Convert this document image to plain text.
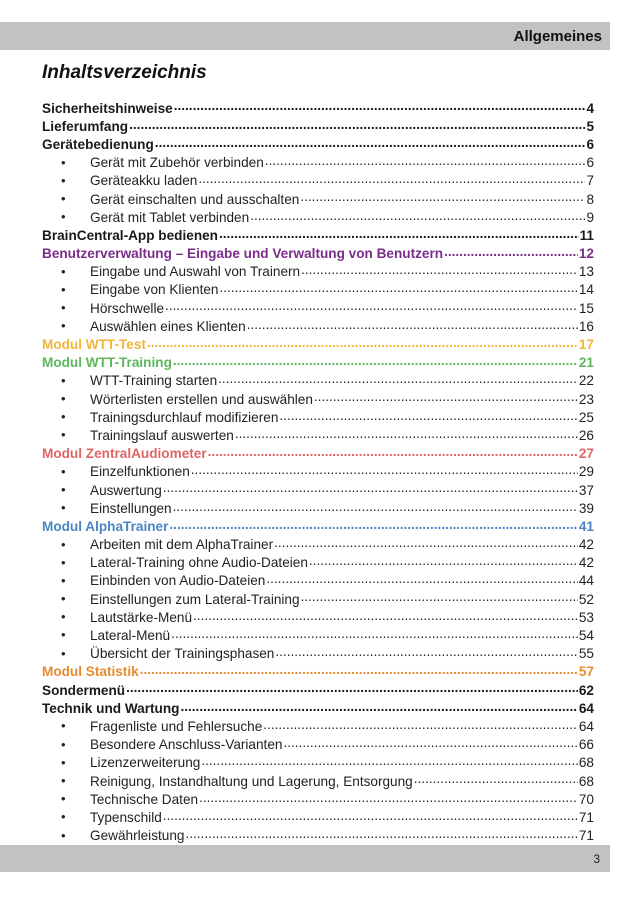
Allgemeines
Inhaltsverzeichnis
Sicherheitshinweise .....	4
Lieferumfang .....	5
Gerätebedienung .....	6
• Gerät mit Zubehör verbinden .....	6
• Geräteakku laden .....	7
• Gerät einschalten und ausschalten .....	8
• Gerät mit Tablet verbinden .....	9
BrainCentral-App bedienen .....	11
Benutzerverwaltung – Eingabe und Verwaltung von Benutzern .....	12
• Eingabe und Auswahl von Trainern .....	13
• Eingabe von Klienten .....	14
• Hörschwelle .....	15
• Auswählen eines Klienten .....	16
Modul WTT-Test .....	17
Modul WTT-Training .....	21
• WTT-Training starten .....	22
• Wörterlisten erstellen und auswählen .....	23
• Trainingsdurchlauf modifizieren .....	25
• Trainingslauf auswerten .....	26
Modul ZentralAudiometer .....	27
• Einzelfunktionen .....	29
• Auswertung .....	37
• Einstellungen .....	39
Modul AlphaTrainer .....	41
• Arbeiten mit dem AlphaTrainer .....	42
• Lateral-Training ohne Audio-Dateien .....	42
• Einbinden von Audio-Dateien .....	44
• Einstellungen zum Lateral-Training .....	52
• Lautstärke-Menü .....	53
• Lateral-Menü .....	54
• Übersicht der Trainingsphasen .....	55
Modul Statistik .....	57
Sondermenü .....	62
Technik und Wartung .....	64
• Fragenliste und Fehlersuche .....	64
• Besondere Anschluss-Varianten .....	66
• Lizenzerweiterung .....	68
• Reinigung, Instandhaltung und Lagerung, Entsorgung .....	68
• Technische Daten .....	70
• Typenschild .....	71
• Gewährleistung .....	71
3
